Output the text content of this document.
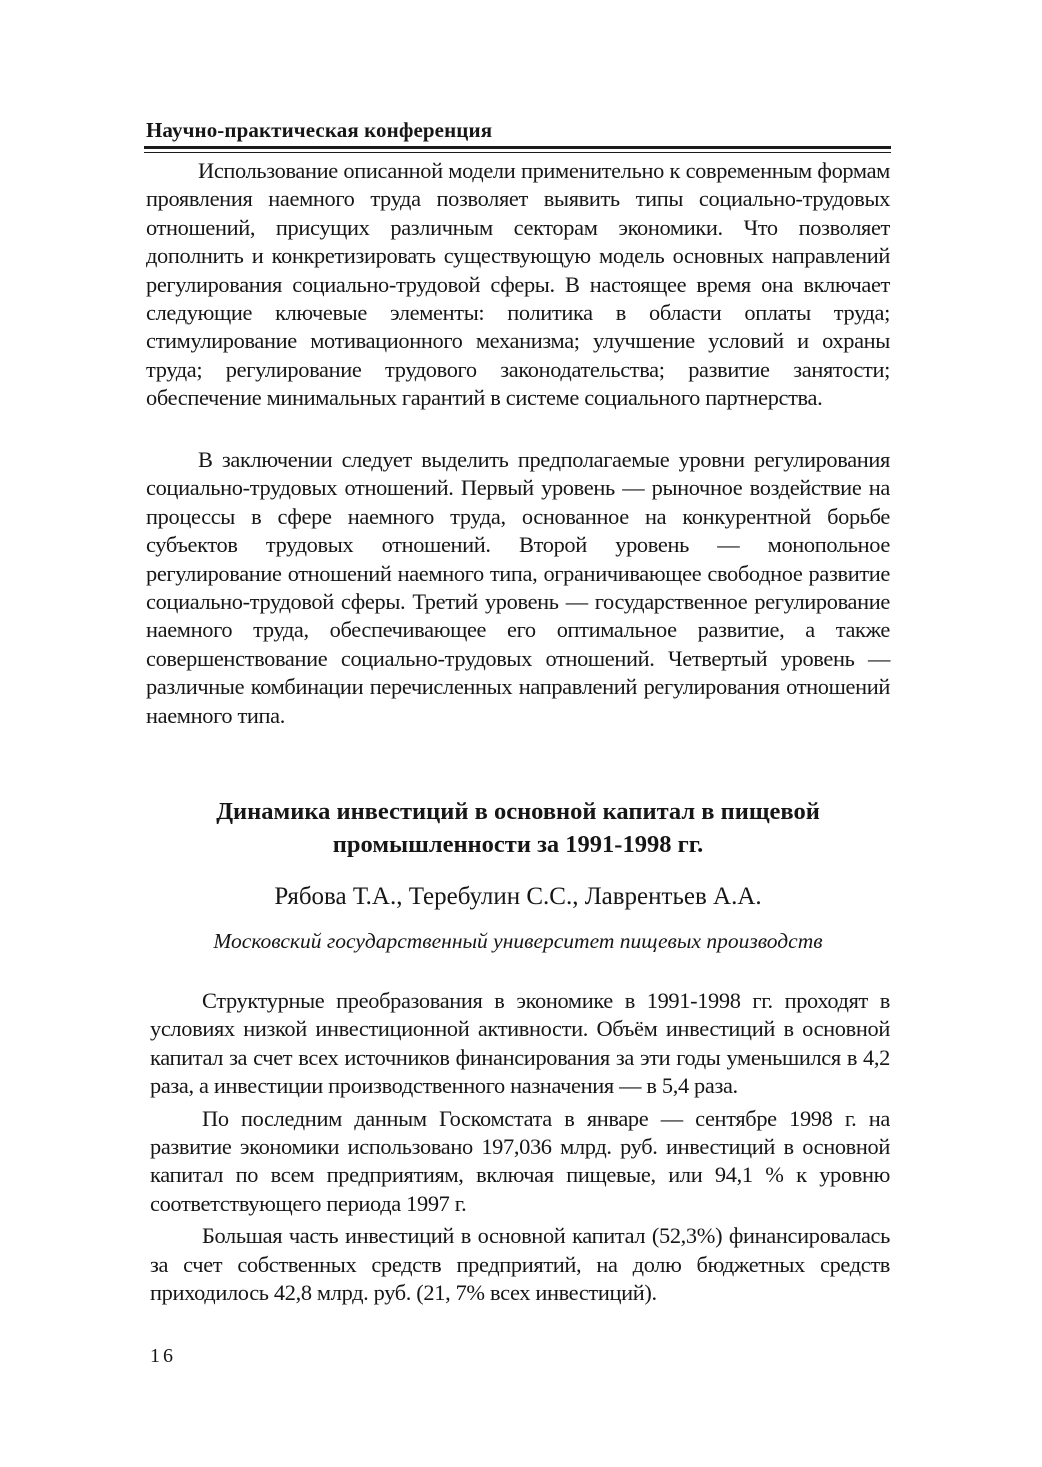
Научно-практическая конференция

Использование описанной модели применительно к современным формам проявления наемного труда позволяет выявить типы социально-трудовых отношений, присущих различным секторам экономики. Что позволяет дополнить и конкретизировать существующую модель основных направлений регулирования социально-трудовой сферы. В настоящее время она включает следующие ключевые элементы: политика в области оплаты труда; стимулирование мотивационного механизма; улучшение условий и охраны труда; регулирование трудового законодательства; развитие занятости; обеспечение минимальных гарантий в системе социального партнерства.

В заключении следует выделить предполагаемые уровни регулирования социально-трудовых отношений. Первый уровень — рыночное воздействие на процессы в сфере наемного труда, основанное на конкурентной борьбе субъектов трудовых отношений. Второй уровень — монопольное регулирование отношений наемного типа, ограничивающее свободное развитие социально-трудовой сферы. Третий уровень — государственное регулирование наемного труда, обеспечивающее его оптимальное развитие, а также совершенствование социально-трудовых отношений. Четвертый уровень — различные комбинации перечисленных направлений регулирования отношений наемного типа.

Динамика инвестиций в основной капитал в пищевой
промышленности за 1991-1998 гг.
Рябова Т.А., Теребулин С.С., Лаврентьев А.А.
Московский государственный университет пищевых производств

Структурные преобразования в экономике в 1991-1998 гг. проходят в условиях низкой инвестиционной активности. Объём инвестиций в основной капитал за счет всех источников финансирования за эти годы уменьшился в 4,2 раза, а инвестиции производственного назначения — в 5,4 раза.

По последним данным Госкомстата в январе — сентябре 1998 г. на развитие экономики использовано 197,036 млрд. руб. инвестиций в основной капитал по всем предприятиям, включая пищевые, или 94,1 % к уровню соответствующего периода 1997 г.

Большая часть инвестиций в основной капитал (52,3%) финансировалась за счет собственных средств предприятий, на долю бюджетных средств приходилось 42,8 млрд. руб. (21, 7% всех инвестиций).

16
